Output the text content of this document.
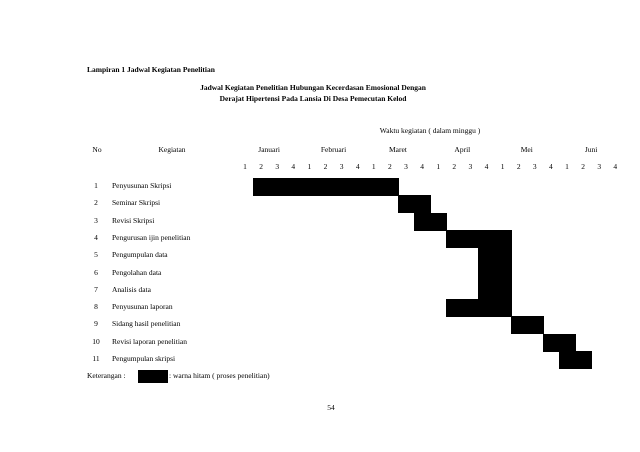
Lampiran 1 Jadwal Kegiatan Penelitian
Jadwal Kegiatan Penelitian Hubungan Kecerdasan Emosional Dengan
Derajat Hipertensi Pada Lansia Di Desa Pemecutan Kelod
Waktu kegiatan ( dalam minggu )
No	Kegiatan	Januari	Februari	Maret	April	Mei	Juni
1 2 3 4 1 2 3 4 1 2 3 4 1 2 3 4 1 2 3 4 1 2 3 4
1 Penyusunan Skripsi
2 Seminar Skripsi
3 Revisi Skripsi
4 Pengurusan ijin penelitian
5 Pengumpulan data
6 Pengolahan data
7 Analisis data
8 Penyusunan laporan
9 Sidang hasil penelitian
10 Revisi laporan penelitian
11 Pengumpulan skripsi
Keterangan :	: warna hitam ( proses penelitian)
54
